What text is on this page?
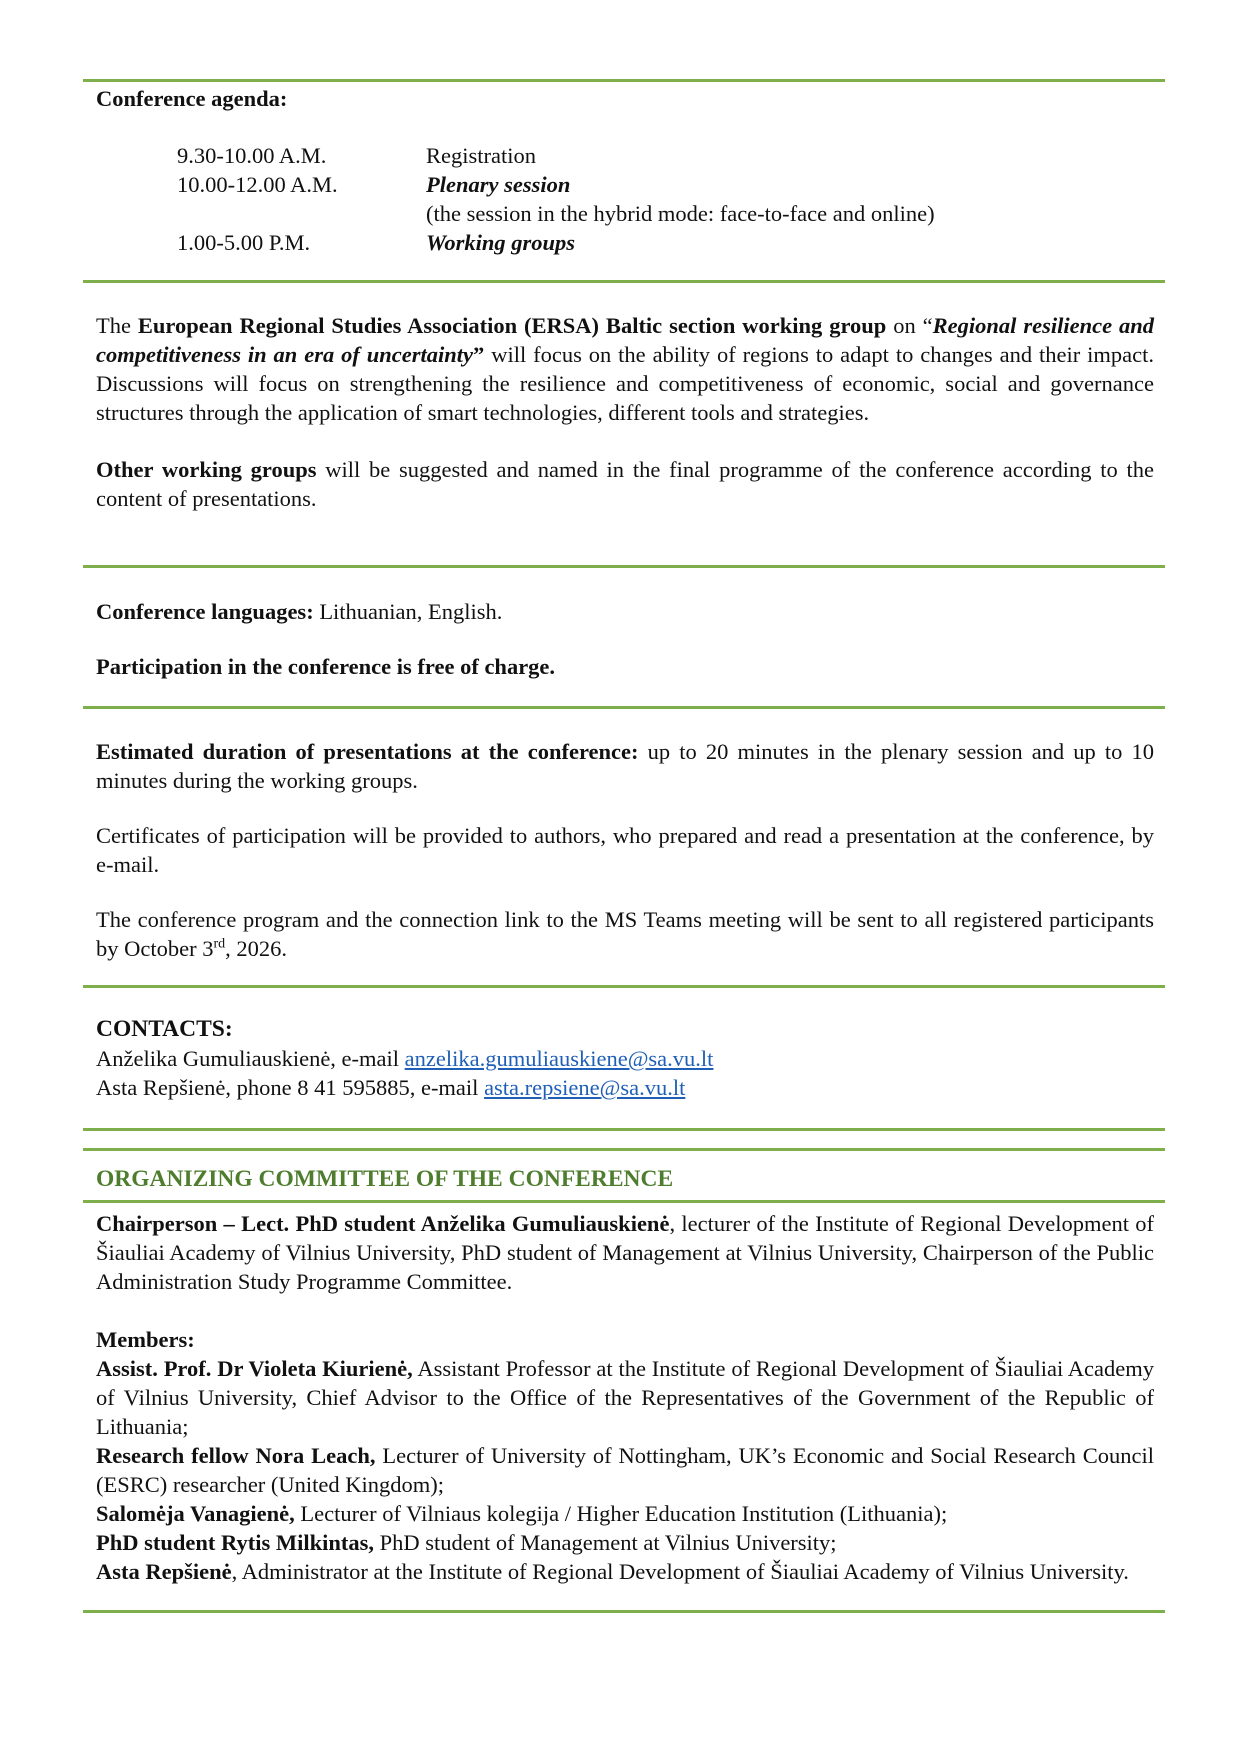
Conference agenda:
9.30-10.00 A.M.	Registration
10.00-12.00 A.M.	Plenary session
(the session in the hybrid mode: face-to-face and online)
1.00-5.00 P.M.	Working groups

The European Regional Studies Association (ERSA) Baltic section working group on “Regional resilience and competitiveness in an era of uncertainty” will focus on the ability of regions to adapt to changes and their impact. Discussions will focus on strengthening the resilience and competitiveness of economic, social and governance structures through the application of smart technologies, different tools and strategies.

Other working groups will be suggested and named in the final programme of the conference according to the content of presentations.

Conference languages: Lithuanian, English.

Participation in the conference is free of charge.

Estimated duration of presentations at the conference: up to 20 minutes in the plenary session and up to 10 minutes during the working groups.

Certificates of participation will be provided to authors, who prepared and read a presentation at the conference, by e-mail.

The conference program and the connection link to the MS Teams meeting will be sent to all registered participants by October 3rd, 2026.

CONTACTS:

Anželika Gumuliauskienė, e-mail anzelika.gumuliauskiene@sa.vu.lt

Asta Repšienė, phone 8 41 595885, e-mail asta.repsiene@sa.vu.lt

ORGANIZING COMMITTEE OF THE CONFERENCE

Chairperson – Lect. PhD student Anželika Gumuliauskienė, lecturer of the Institute of Regional Development of Šiauliai Academy of Vilnius University, PhD student of Management at Vilnius University, Chairperson of the Public Administration Study Programme Committee.

Members:

Assist. Prof. Dr Violeta Kiurienė, Assistant Professor at the Institute of Regional Development of Šiauliai Academy of Vilnius University, Chief Advisor to the Office of the Representatives of the Government of the Republic of Lithuania;

Research fellow Nora Leach, Lecturer of University of Nottingham, UK’s Economic and Social Research Council (ESRC) researcher (United Kingdom);

Salomėja Vanagienė, Lecturer of Vilniaus kolegija / Higher Education Institution (Lithuania);

PhD student Rytis Milkintas, PhD student of Management at Vilnius University;

Asta Repšienė, Administrator at the Institute of Regional Development of Šiauliai Academy of Vilnius University.
